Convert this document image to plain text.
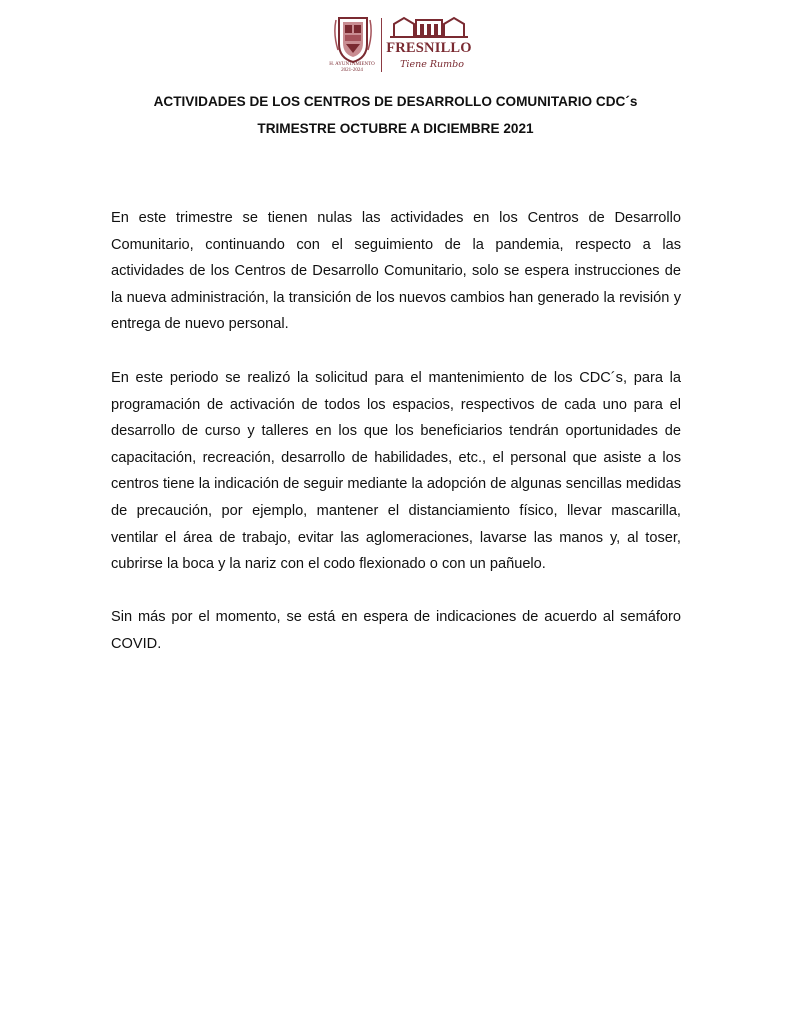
H. AYUNTAMIENTO
2021-2024
FRESNILLO
Tiene Rumbo
ACTIVIDADES DE LOS CENTROS DE DESARROLLO COMUNITARIO CDC´s
TRIMESTRE OCTUBRE A DICIEMBRE 2021

En este trimestre se tienen nulas las actividades en los Centros de Desarrollo Comunitario, continuando con el seguimiento de la pandemia, respecto a las actividades de los Centros de Desarrollo Comunitario, solo se espera instrucciones de la nueva administración, la transición de los nuevos cambios han generado la revisión y entrega de nuevo personal.

En este periodo se realizó la solicitud para el mantenimiento de los CDC´s, para la programación de activación de todos los espacios, respectivos de cada uno para el desarrollo de curso y talleres en los que los beneficiarios tendrán oportunidades de capacitación, recreación, desarrollo de habilidades, etc., el personal que asiste a los centros tiene la indicación de seguir mediante la adopción de algunas sencillas medidas de precaución, por ejemplo, mantener el distanciamiento físico, llevar mascarilla, ventilar el área de trabajo, evitar las aglomeraciones, lavarse las manos y, al toser, cubrirse la boca y la nariz con el codo flexionado o con un pañuelo.

Sin más por el momento, se está en espera de indicaciones de acuerdo al semáforo COVID.
